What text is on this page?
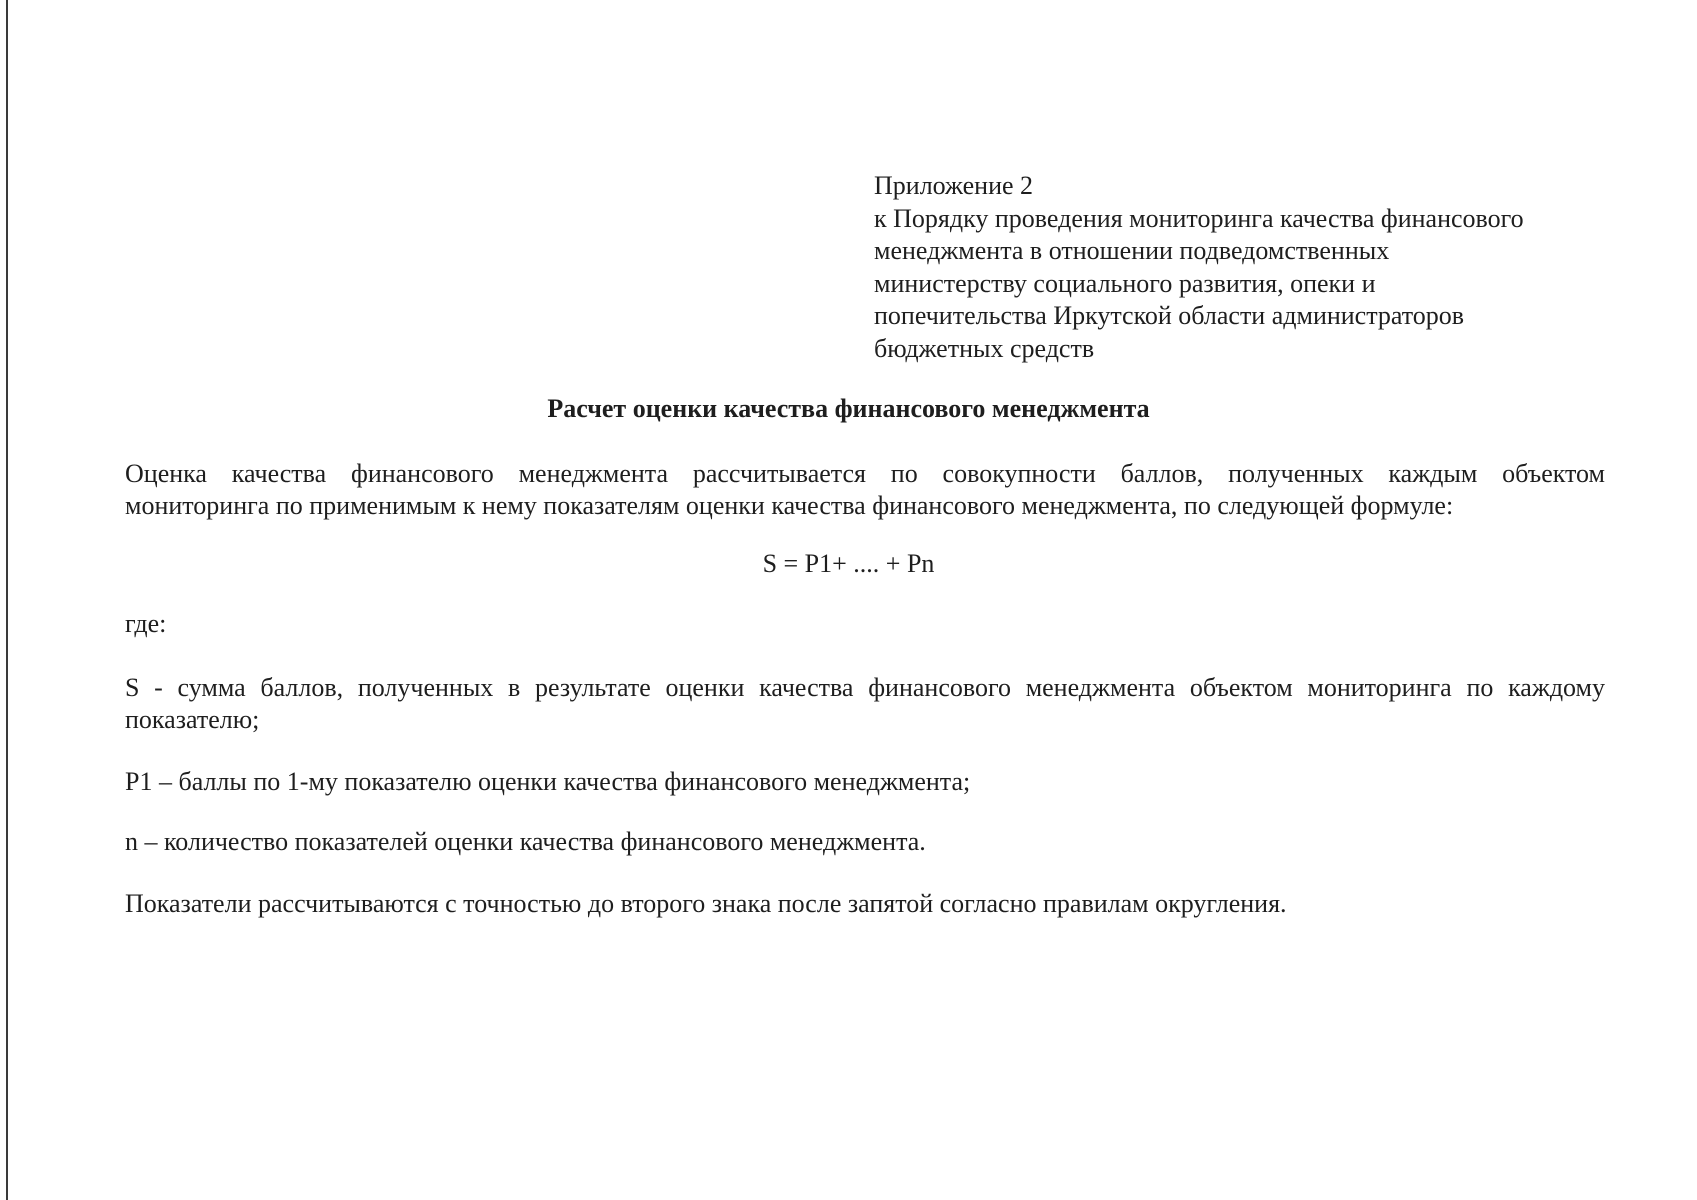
Приложение 2
к Порядку проведения мониторинга качества финансового
менеджмента в отношении подведомственных
министерству социального развития, опеки и
попечительства Иркутской области администраторов
бюджетных средств
Расчет оценки качества финансового менеджмента
Оценка качества финансового менеджмента рассчитывается по совокупности баллов, полученных каждым объектом
мониторинга по применимым к нему показателям оценки качества финансового менеджмента, по следующей формуле:
S = P1+ .... + Pn
где:
S - сумма баллов, полученных в результате оценки качества финансового менеджмента объектом мониторинга по каждому
показателю;
P1 – баллы по 1-му показателю оценки качества финансового менеджмента;
n – количество показателей оценки качества финансового менеджмента.
Показатели рассчитываются с точностью до второго знака после запятой согласно правилам округления.
